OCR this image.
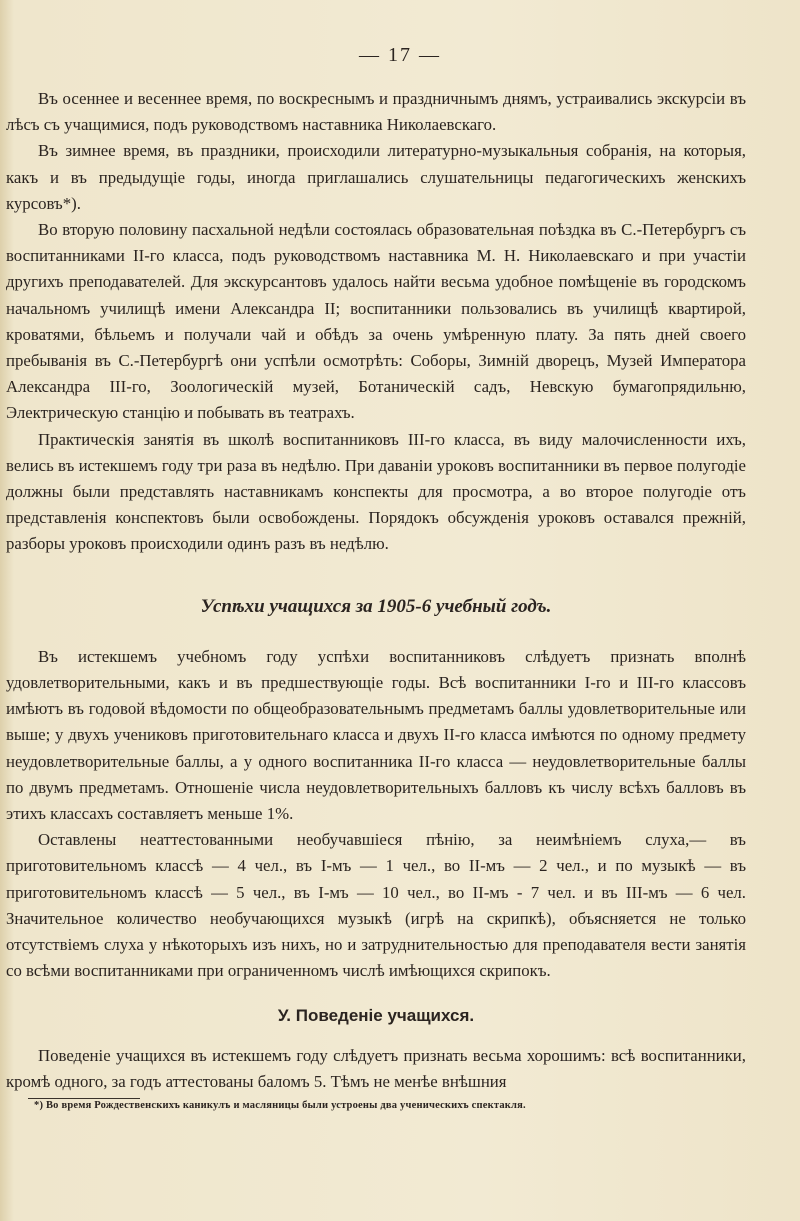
— 17 —

Въ осеннее и весеннее время, по воскреснымъ и праздничнымъ днямъ, устраивались экскурсіи въ лѣсъ съ учащимися, подъ руководствомъ наставника Николаевскаго.

Въ зимнее время, въ праздники, происходили литературно-музыкальныя собранія, на которыя, какъ и въ предыдущіе годы, иногда приглашались слушательницы педагогическихъ женскихъ курсовъ*).

Во вторую половину пасхальной недѣли состоялась образовательная поѣздка въ С.-Петербургъ съ воспитанниками II-го класса, подъ руководствомъ наставника М. Н. Николаевскаго и при участіи другихъ преподавателей. Для экскурсантовъ удалось найти весьма удобное помѣщеніе въ городскомъ начальномъ училищѣ имени Александра II; воспитанники пользовались въ училищѣ квартирой, кроватями, бѣльемъ и получали чай и обѣдъ за очень умѣренную плату. За пять дней своего пребыванія въ С.-Петербургѣ они успѣли осмотрѣть: Соборы, Зимній дворецъ, Музей Императора Александра III-го, Зоологическій музей, Ботаническій садъ, Невскую бумагопрядильню, Электрическую станцію и побывать въ театрахъ.

Практическія занятія въ школѣ воспитанниковъ III-го класса, въ виду малочисленности ихъ, велись въ истекшемъ году три раза въ недѣлю. При даваніи уроковъ воспитанники въ первое полугодіе должны были представлять наставникамъ конспекты для просмотра, а во второе полугодіе отъ представленія конспектовъ были освобождены. Порядокъ обсужденія уроковъ оставался прежній, разборы уроковъ происходили одинъ разъ въ недѣлю.

Успѣхи учащихся за 1905-6 учебный годъ.

Въ истекшемъ учебномъ году успѣхи воспитанниковъ слѣдуетъ признать вполнѣ удовлетворительными, какъ и въ предшествующіе годы. Всѣ воспитанники I-го и III-го классовъ имѣютъ въ годовой вѣдомости по общеобразовательнымъ предметамъ баллы удовлетворительные или выше; у двухъ учениковъ приготовительнаго класса и двухъ II-го класса имѣются по одному предмету неудовлетворительные баллы, а у одного воспитанника II-го класса — неудовлетворительные баллы по двумъ предметамъ. Отношеніе числа неудовлетворительныхъ балловъ къ числу всѣхъ балловъ въ этихъ классахъ составляетъ меньше 1%.

Оставлены неаттестованными необучавшіеся пѣнію, за неимѣніемъ слуха,— въ приготовительномъ классѣ — 4 чел., въ I-мъ — 1 чел., во II-мъ — 2 чел., и по музыкѣ — въ приготовительномъ классѣ — 5 чел., въ I-мъ — 10 чел., во II-мъ - 7 чел. и въ III-мъ — 6 чел. Значительное количество необучающихся музыкѣ (игрѣ на скрипкѣ), объясняется не только отсутствіемъ слуха у нѣкоторыхъ изъ нихъ, но и затруднительностью для преподавателя вести занятія со всѣми воспитанниками при ограниченномъ числѣ имѣющихся скрипокъ.

У. Поведеніе учащихся.

Поведеніе учащихся въ истекшемъ году слѣдуетъ признать весьма хорошимъ: всѣ воспитанники, кромѣ одного, за годъ аттестованы баломъ 5. Тѣмъ не менѣе внѣшния

*) Во время Рождественскихъ каникулъ и масляницы были устроены два ученическихъ спектакля.
